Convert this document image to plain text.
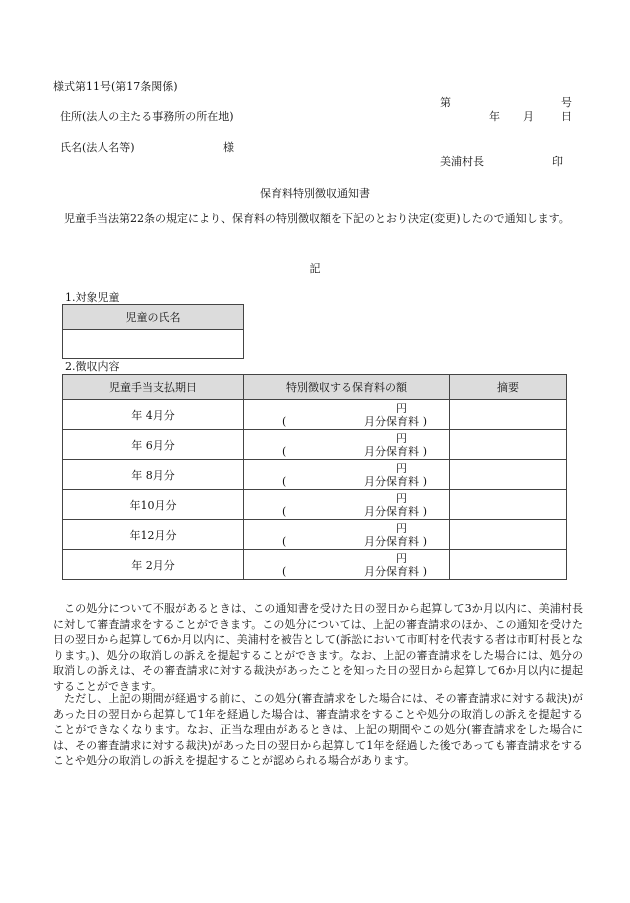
様式第11号(第17条関係)
第	号
住所(法人の主たる事務所の所在地)	年 月 日
氏名(法人名等)	様
美浦村長	印
保育料特別徴収通知書
児童手当法第22条の規定により、保育料の特別徴収額を下記のとおり決定(変更)したので通知します。
記
1.対象児童
児童の氏名

2.徴収内容
児童手当支払期日	特別徴収する保育料の額	摘要
年 4月分	円
( 月分保育料 )	

年 6月分	円
( 月分保育料 )	

年 8月分	円
( 月分保育料 )	

年10月分	円
( 月分保育料 )	

年12月分	円
( 月分保育料 )	

年 2月分	円
( 月分保育料 )	

この処分について不服があるときは、この通知書を受けた日の翌日から起算して3か月以内に、美浦村長に対して審査請求をすることができます。この処分については、上記の審査請求のほか、この通知を受けた日の翌日から起算して6か月以内に、美浦村を被告として(訴訟において市町村を代表する者は市町村長となります。)、処分の取消しの訴えを提起することができます。なお、上記の審査請求をした場合には、処分の取消しの訴えは、その審査請求に対する裁決があったことを知った日の翌日から起算して6か月以内に提起することができます。
ただし、上記の期間が経過する前に、この処分(審査請求をした場合には、その審査請求に対する裁決)があった日の翌日から起算して1年を経過した場合は、審査請求をすることや処分の取消しの訴えを提起することができなくなります。なお、正当な理由があるときは、上記の期間やこの処分(審査請求をした場合には、その審査請求に対する裁決)があった日の翌日から起算して1年を経過した後であっても審査請求をすることや処分の取消しの訴えを提起することが認められる場合があります。
